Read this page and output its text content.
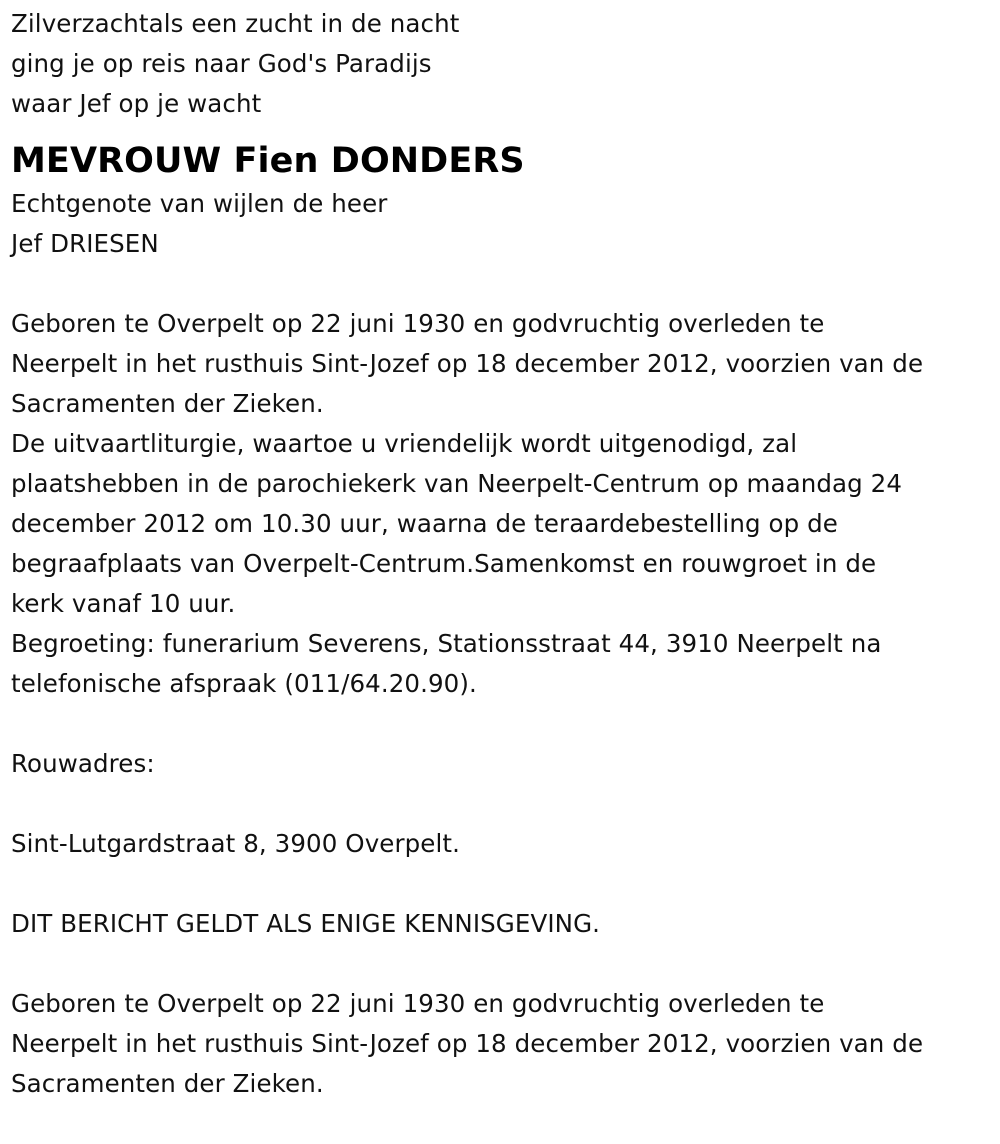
Zilverzachtals een zucht in de nacht
ging je op reis naar God's Paradijs
waar Jef op je wacht
MEVROUW Fien DONDERS
Echtgenote van wijlen de heer
Jef DRIESEN
Geboren te Overpelt op 22 juni 1930 en godvruchtig overleden te
Neerpelt in het rusthuis Sint-Jozef op 18 december 2012, voorzien van de
Sacramenten der Zieken.
De uitvaartliturgie, waartoe u vriendelijk wordt uitgenodigd, zal
plaatshebben in de parochiekerk van Neerpelt-Centrum op maandag 24
december 2012 om 10.30 uur, waarna de teraardebestelling op de
begraafplaats van Overpelt-Centrum.Samenkomst en rouwgroet in de
kerk vanaf 10 uur.
Begroeting: funerarium Severens, Stationsstraat 44, 3910 Neerpelt na
telefonische afspraak (011/64.20.90).
Rouwadres:
Sint-Lutgardstraat 8, 3900 Overpelt.
DIT BERICHT GELDT ALS ENIGE KENNISGEVING.
Geboren te Overpelt op 22 juni 1930 en godvruchtig overleden te
Neerpelt in het rusthuis Sint-Jozef op 18 december 2012, voorzien van de
Sacramenten der Zieken.
